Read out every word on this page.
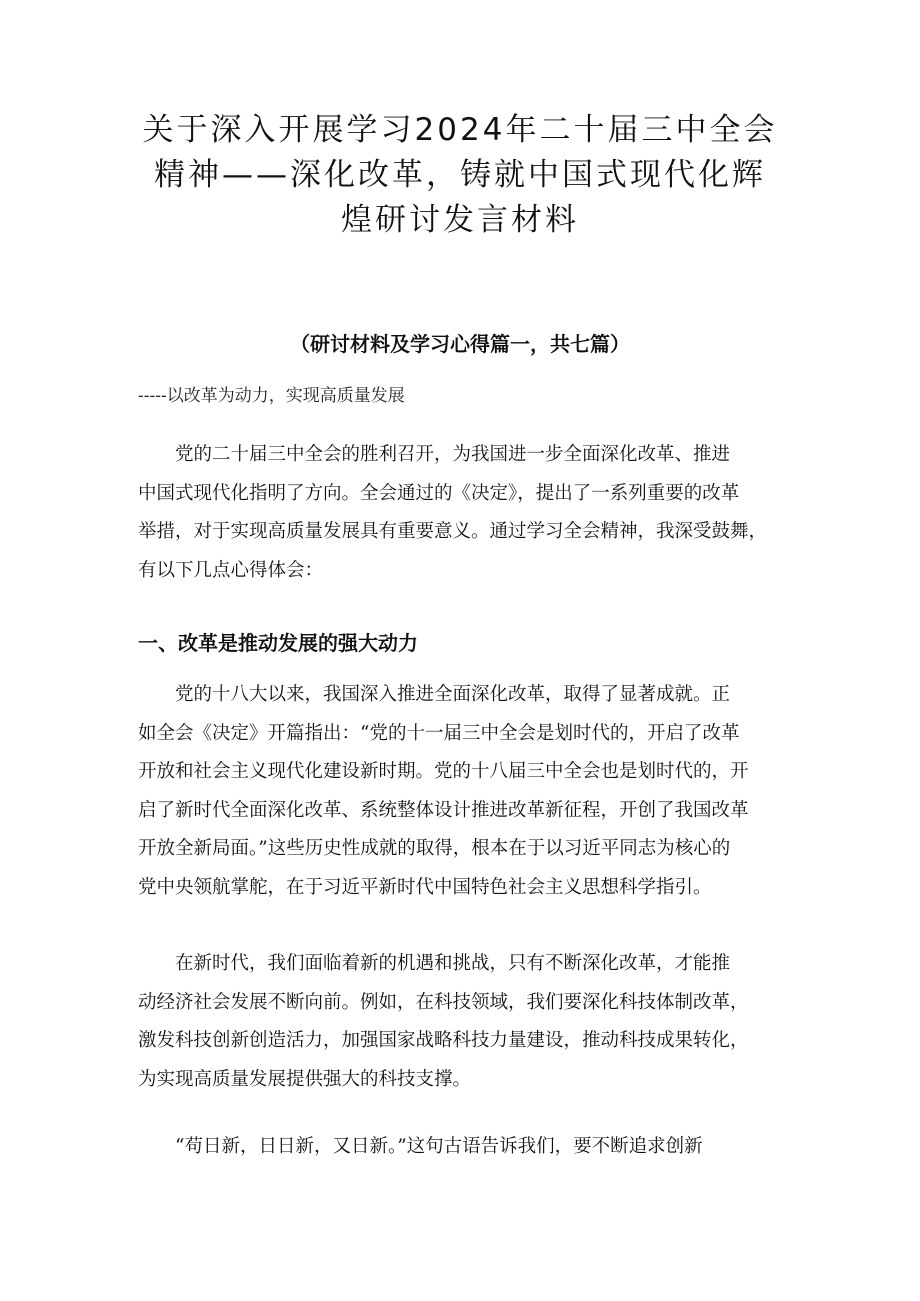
关于深入开展学习2024年二十届三中全会
精神——深化改革，铸就中国式现代化辉
煌研讨发言材料
（研讨材料及学习心得篇一，共七篇）
-----以改革为动力，实现高质量发展

　　党的二十届三中全会的胜利召开，为我国进一步全面深化改革、推进
中国式现代化指明了方向。全会通过的《决定》，提出了一系列重要的改革
举措，对于实现高质量发展具有重要意义。通过学习全会精神，我深受鼓舞，
有以下几点心得体会：

一、改革是推动发展的强大动力

　　党的十八大以来，我国深入推进全面深化改革，取得了显著成就。正
如全会《决定》开篇指出：“党的十一届三中全会是划时代的，开启了改革
开放和社会主义现代化建设新时期。党的十八届三中全会也是划时代的，开
启了新时代全面深化改革、系统整体设计推进改革新征程，开创了我国改革
开放全新局面。”这些历史性成就的取得，根本在于以习近平同志为核心的
党中央领航掌舵，在于习近平新时代中国特色社会主义思想科学指引。

　　在新时代，我们面临着新的机遇和挑战，只有不断深化改革，才能推
动经济社会发展不断向前。例如，在科技领域，我们要深化科技体制改革，
激发科技创新创造活力，加强国家战略科技力量建设，推动科技成果转化，
为实现高质量发展提供强大的科技支撑。

　　“苟日新，日日新，又日新。”这句古语告诉我们，要不断追求创新
